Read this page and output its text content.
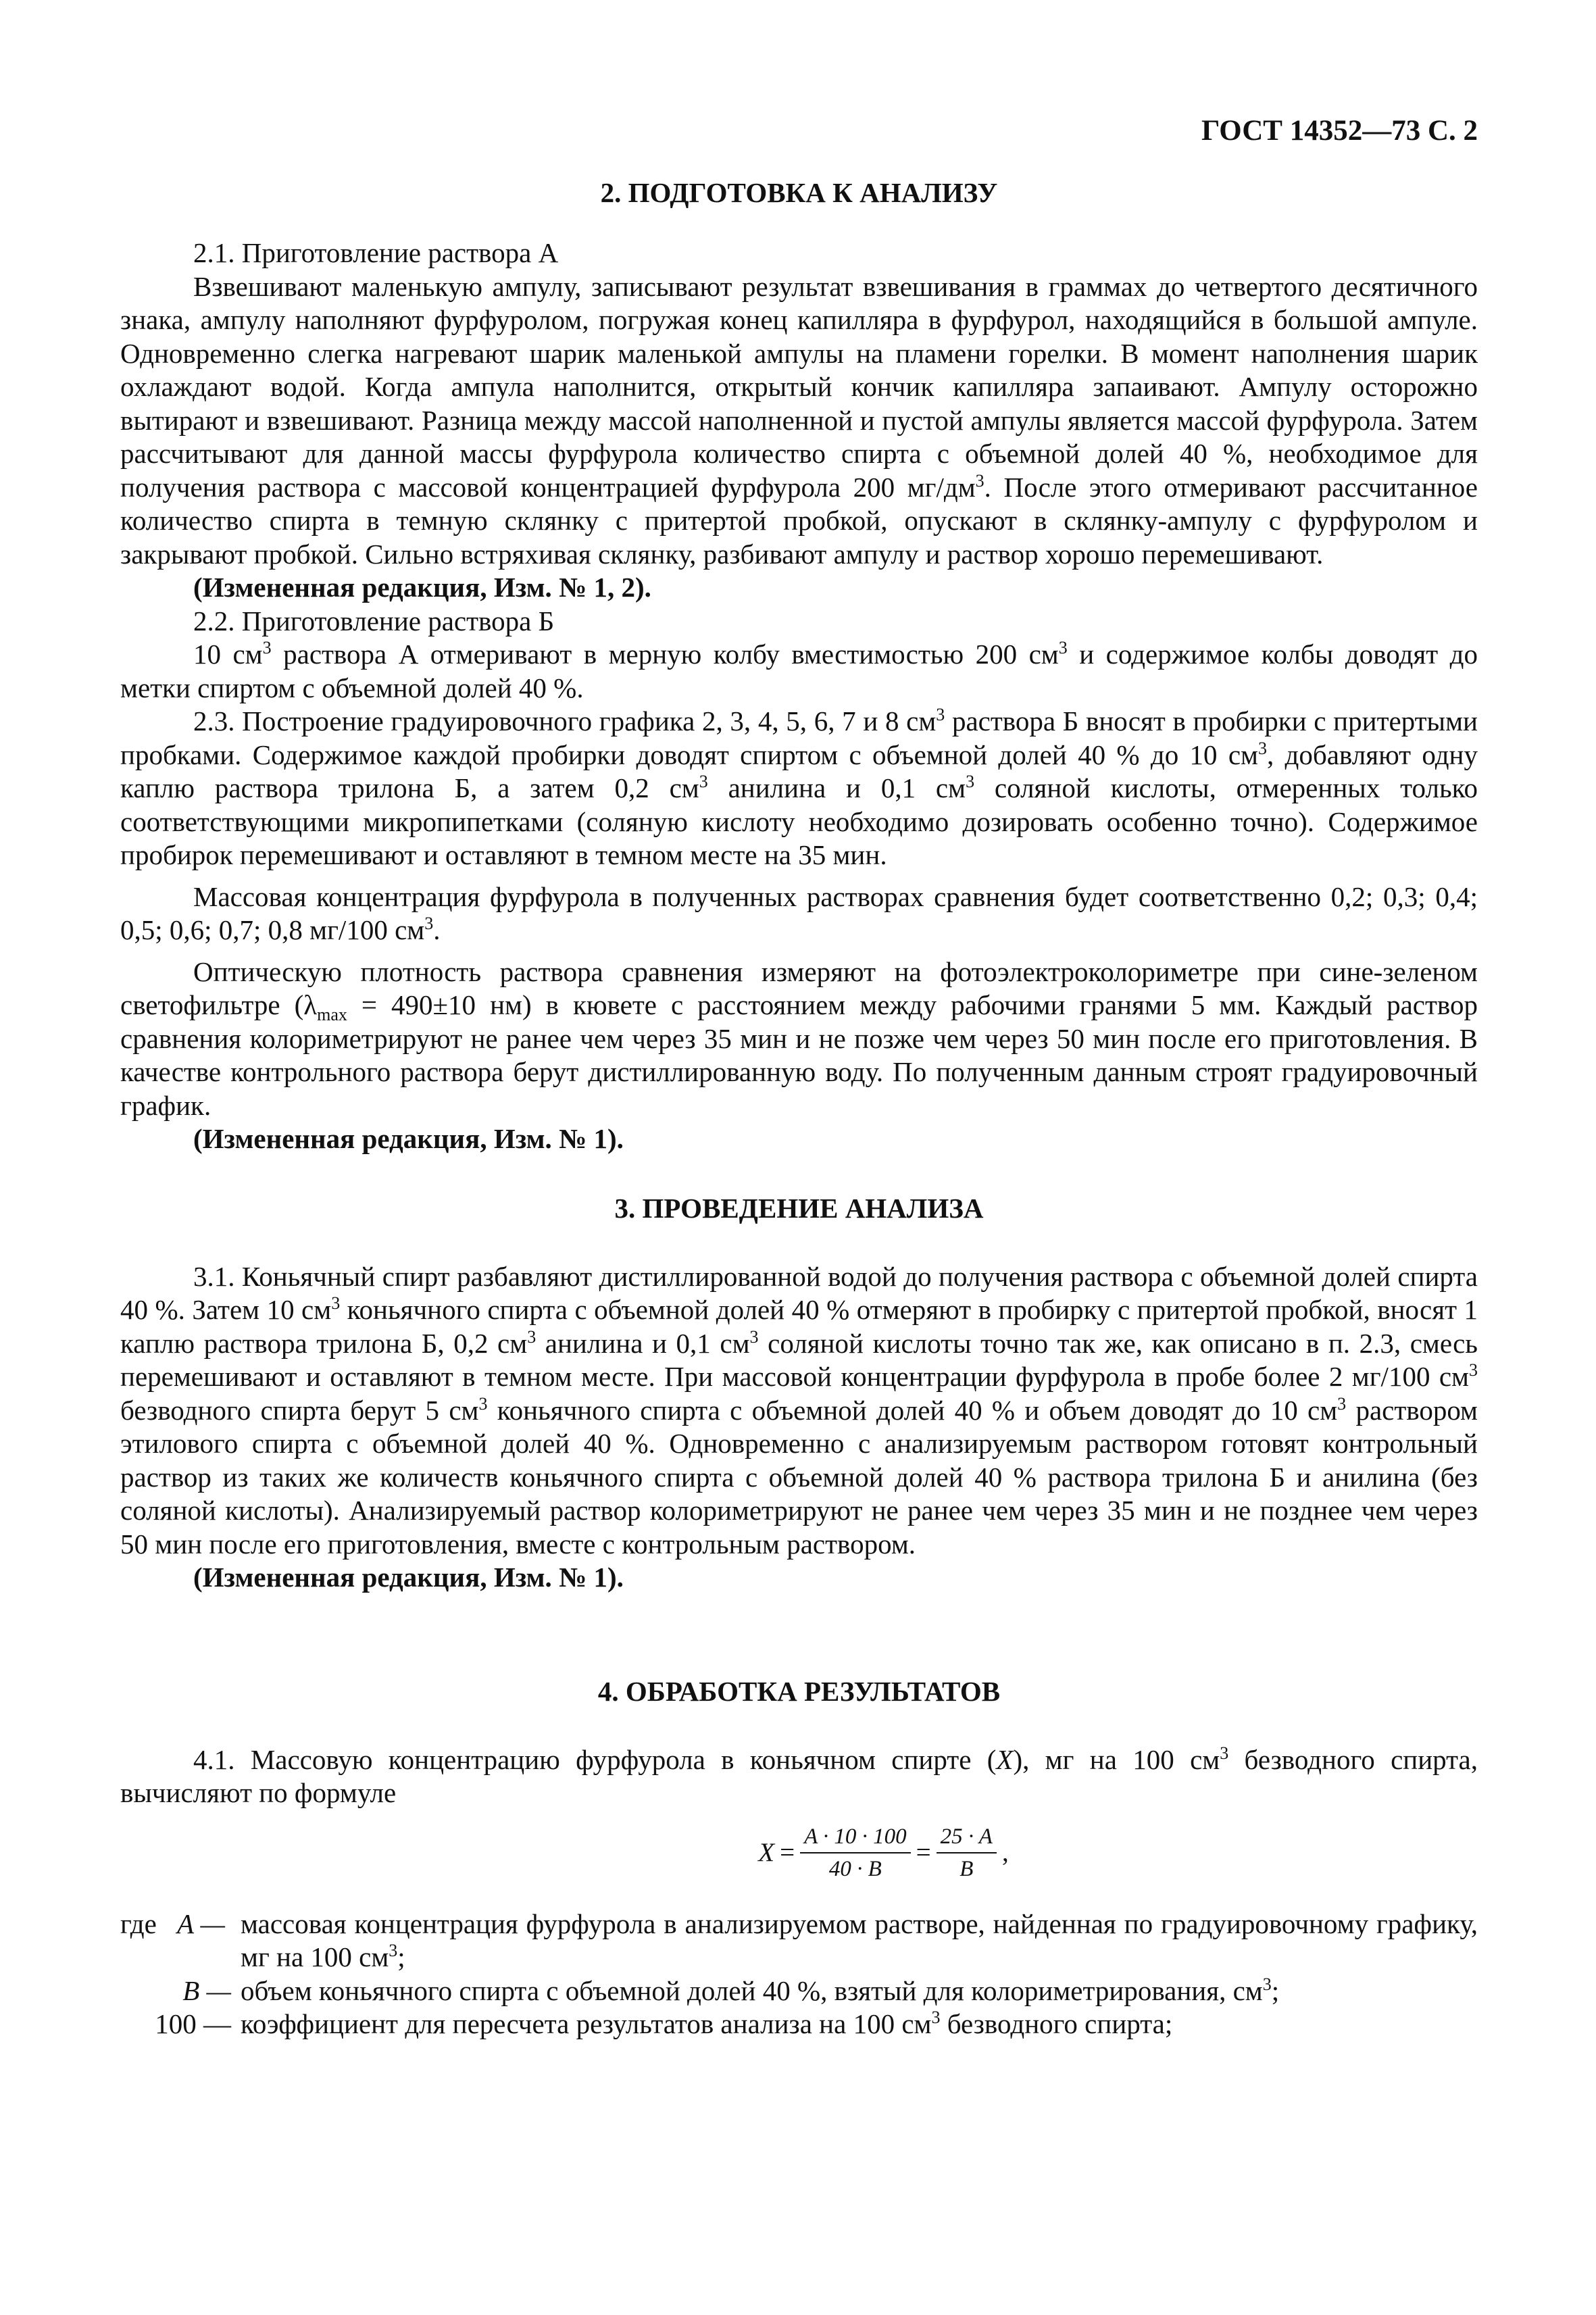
ГОСТ 14352—73 С. 2
2. ПОДГОТОВКА К АНАЛИЗУ

2.1. Приготовление раствора А

Взвешивают маленькую ампулу, записывают результат взвешивания в граммах до четвертого десятичного знака, ампулу наполняют фурфуролом, погружая конец капилляра в фурфурол, находящийся в большой ампуле. Одновременно слегка нагревают шарик маленькой ампулы на пламени горелки. В момент наполнения шарик охлаждают водой. Когда ампула наполнится, открытый кончик капилляра запаивают. Ампулу осторожно вытирают и взвешивают. Разница между массой наполненной и пустой ампулы является массой фурфурола. Затем рассчитывают для данной массы фурфурола количество спирта с объемной долей 40 %, необходимое для получения раствора с массовой концентрацией фурфурола 200 $мг/дм^3$. После этого отмеривают рассчитанное количество спирта в темную склянку с притертой пробкой, опускают в склянку-ампулу с фурфуролом и закрывают пробкой. Сильно встряхивая склянку, разбивают ампулу и раствор хорошо перемешивают.

(Измененная редакция, Изм. № 1, 2).

2.2. Приготовление раствора Б

10 $см^3$ раствора А отмеривают в мерную колбу вместимостью 200 $см^3$ и содержимое колбы доводят до метки спиртом с объемной долей 40 %.

2.3. Построение градуировочного графика 2, 3, 4, 5, 6, 7 и 8 $см^3$ раствора Б вносят в пробирки с притертыми пробками. Содержимое каждой пробирки доводят спиртом с объемной долей 40 % до 10 $см^3$, добавляют одну каплю раствора трилона Б, а затем 0,2 $см^3$ анилина и 0,1 $см^3$ соляной кислоты, отмеренных только соответствующими микропипетками (соляную кислоту необходимо дозировать особенно точно). Содержимое пробирок перемешивают и оставляют в темном месте на 35 мин.

Массовая концентрация фурфурола в полученных растворах сравнения будет соответственно 0,2; 0,3; 0,4; 0,5; 0,6; 0,7; 0,8 мг/100 $см^3$.

Оптическую плотность раствора сравнения измеряют на фотоэлектроколориметре при сине-зеленом светофильтре ($\lambda_{max} = 490\pm 10$ нм) в кювете с расстоянием между рабочими гранями 5 мм. Каждый раствор сравнения колориметрируют не ранее чем через 35 мин и не позже чем через 50 мин после его приготовления. В качестве контрольного раствора берут дистиллированную воду. По полученным данным строят градуировочный график.

(Измененная редакция, Изм. № 1).

3. ПРОВЕДЕНИЕ АНАЛИЗА

3.1. Коньячный спирт разбавляют дистиллированной водой до получения раствора с объемной долей спирта 40 %. Затем 10 $см^3$ коньячного спирта с объемной долей 40 % отмеряют в пробирку с притертой пробкой, вносят 1 каплю раствора трилона Б, 0,2 $см^3$ анилина и 0,1 $см^3$ соляной кислоты точно так же, как описано в п. 2.3, смесь перемешивают и оставляют в темном месте. При массовой концентрации фурфурола в пробе более 2 мг/100 $см^3$ безводного спирта берут 5 $см^3$ коньячного спирта с объемной долей 40 % и объем доводят до 10 $см^3$ раствором этилового спирта с объемной долей 40 %. Одновременно с анализируемым раствором готовят контрольный раствор из таких же количеств коньячного спирта с объемной долей 40 % раствора трилона Б и анилина (без соляной кислоты). Анализируемый раствор колориметрируют не ранее чем через 35 мин и не позднее чем через 50 мин после его приготовления, вместе с контрольным раствором.

(Измененная редакция, Изм. № 1).

4. ОБРАБОТКА РЕЗУЛЬТАТОВ

4.1. Массовую концентрацию фурфурола в коньячном спирте (X), мг на 100 $см^3$ безводного спирта, вычисляют по формуле

$X = \frac{A \cdot 10 \cdot 100}{40 \cdot B} = \frac{25 \cdot A}{B}$ ,
где A — массовая концентрация фурфурола в анализируемом растворе, найденная по градуировочному графику, мг на 100 $см^3$;
B — объем коньячного спирта с объемной долей 40 %, взятый для колориметрирования, $см^3$;
100 — коэффициент для пересчета результатов анализа на 100 $см^3$ безводного спирта;
